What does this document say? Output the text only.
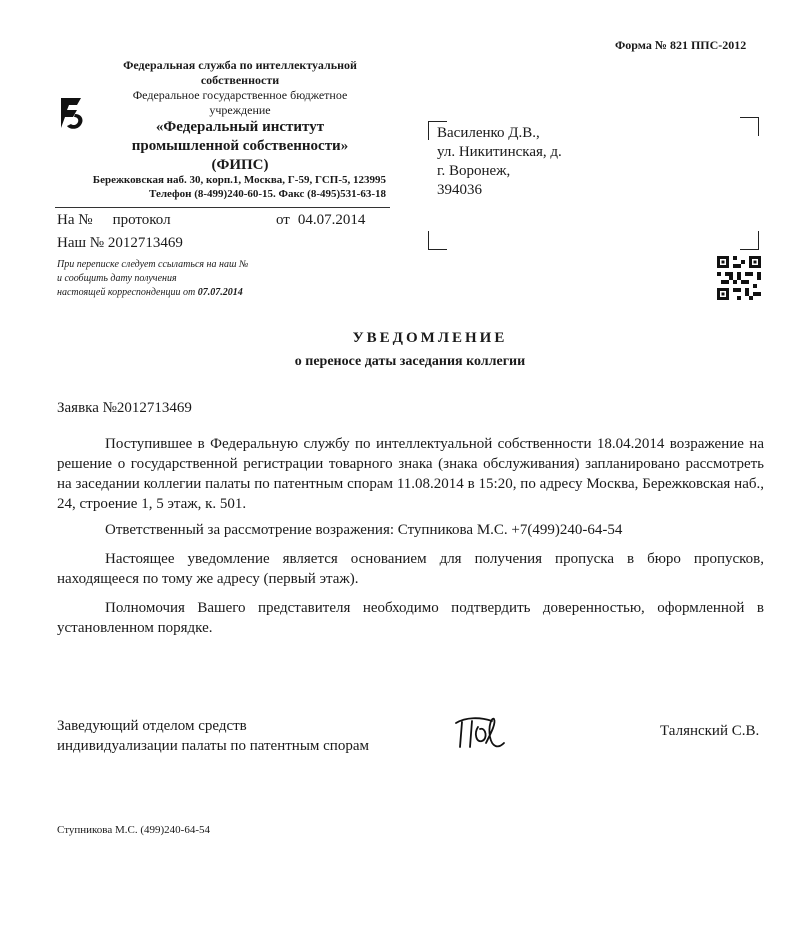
Форма № 821 ППС-2012
Федеральная служба по интеллектуальной
собственности
Федеральное государственное бюджетное
учреждение
«Федеральный институт
промышленной собственности»
(ФИПС)
Бережковская наб. 30, корп.1, Москва, Г-59, ГСП-5, 123995
Телефон (8-499)240-60-15. Факс (8-495)531-63-18
На № протокол	от 04.07.2014
Наш № 2012713469
При переписке следует ссылаться на наш №
и сообщить дату получения
настоящей корреспонденции от 07.07.2014
Василенко Д.В.,
ул. Никитинская, д.
г. Воронеж,
394036
УВЕДОМЛЕНИЕ
о переносе даты заседания коллегии
Заявка №2012713469

Поступившее в Федеральную службу по интеллектуальной собственности 18.04.2014 возражение на решение о государственной регистрации товарного знака (знака обслуживания) запланировано рассмотреть на заседании коллегии палаты по патентным спорам 11.08.2014 в 15:20, по адресу Москва, Бережковская наб., 24, строение 1, 5 этаж, к. 501.

Ответственный за рассмотрение возражения: Ступникова М.С. +7(499)240-64-54

Настоящее уведомление является основанием для получения пропуска в бюро пропусков, находящееся по тому же адресу (первый этаж).

Полномочия Вашего представителя необходимо подтвердить доверенностью, оформленной в установленном порядке.

Заведующий отделом средств
индивидуализации палаты по патентным спорам
Талянский С.В.
Ступникова М.С. (499)240-64-54
